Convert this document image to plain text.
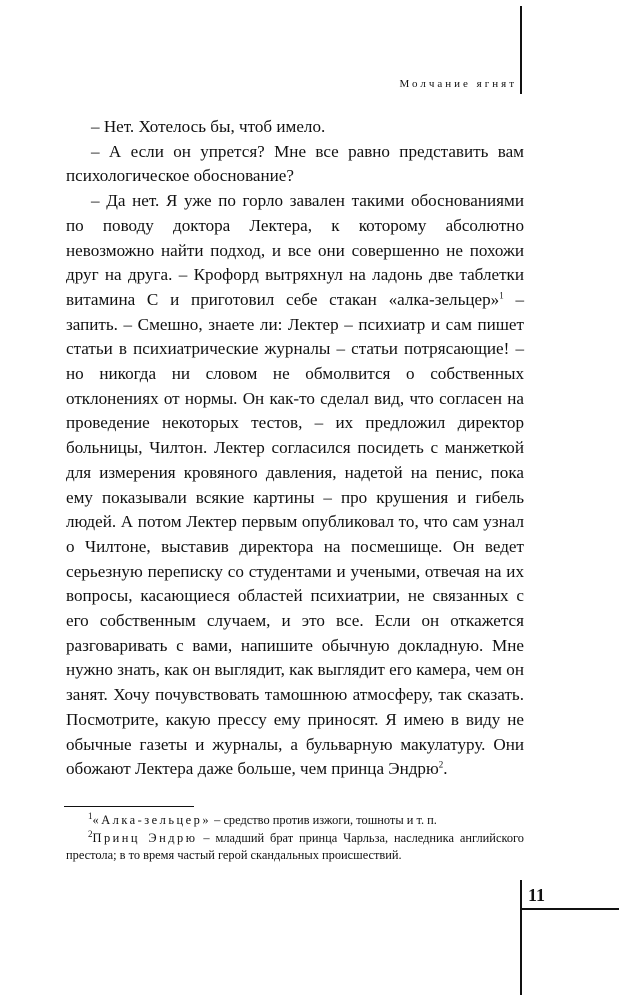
Молчание ягнят

– Нет. Хотелось бы, чтоб имело.

– А если он упрется? Мне все равно представить вам психологическое обоснование?

– Да нет. Я уже по горло завален такими обоснованиями по поводу доктора Лектера, к которому абсолютно невозможно найти подход, и все они совершенно не похожи друг на друга. – Крофорд вытряхнул на ладонь две таблетки витамина С и приготовил себе стакан «алка-зельцер»$^1$ – запить. – Смешно, знаете ли: Лектер – психиатр и сам пишет статьи в психиатрические журналы – статьи потрясающие! – но никогда ни словом не обмолвится о собственных отклонениях от нормы. Он как-то сделал вид, что согласен на проведение некоторых тестов, – их предложил директор больницы, Чилтон. Лектер согласился посидеть с манжеткой для измерения кровяного давления, надетой на пенис, пока ему показывали всякие картины – про крушения и гибель людей. А потом Лектер первым опубликовал то, что сам узнал о Чилтоне, выставив директора на посмешище. Он ведет серьезную переписку со студентами и учеными, отвечая на их вопросы, касающиеся областей психиатрии, не связанных с его собственным случаем, и это все. Если он откажется разговаривать с вами, напишите обычную докладную. Мне нужно знать, как он выглядит, как выглядит его камера, чем он занят. Хочу почувствовать тамошнюю атмосферу, так сказать. Посмотрите, какую прессу ему приносят. Я имею в виду не обычные газеты и журналы, а бульварную макулатуру. Они обожают Лектера даже больше, чем принца Эндрю$^2$.

$^1$«Алка-зельцер» – средство против изжоги, тошноты и т. п.

$^2$Принц Эндрю – младший брат принца Чарльза, наследника английского престола; в то время частый герой скандальных происшествий.

11
